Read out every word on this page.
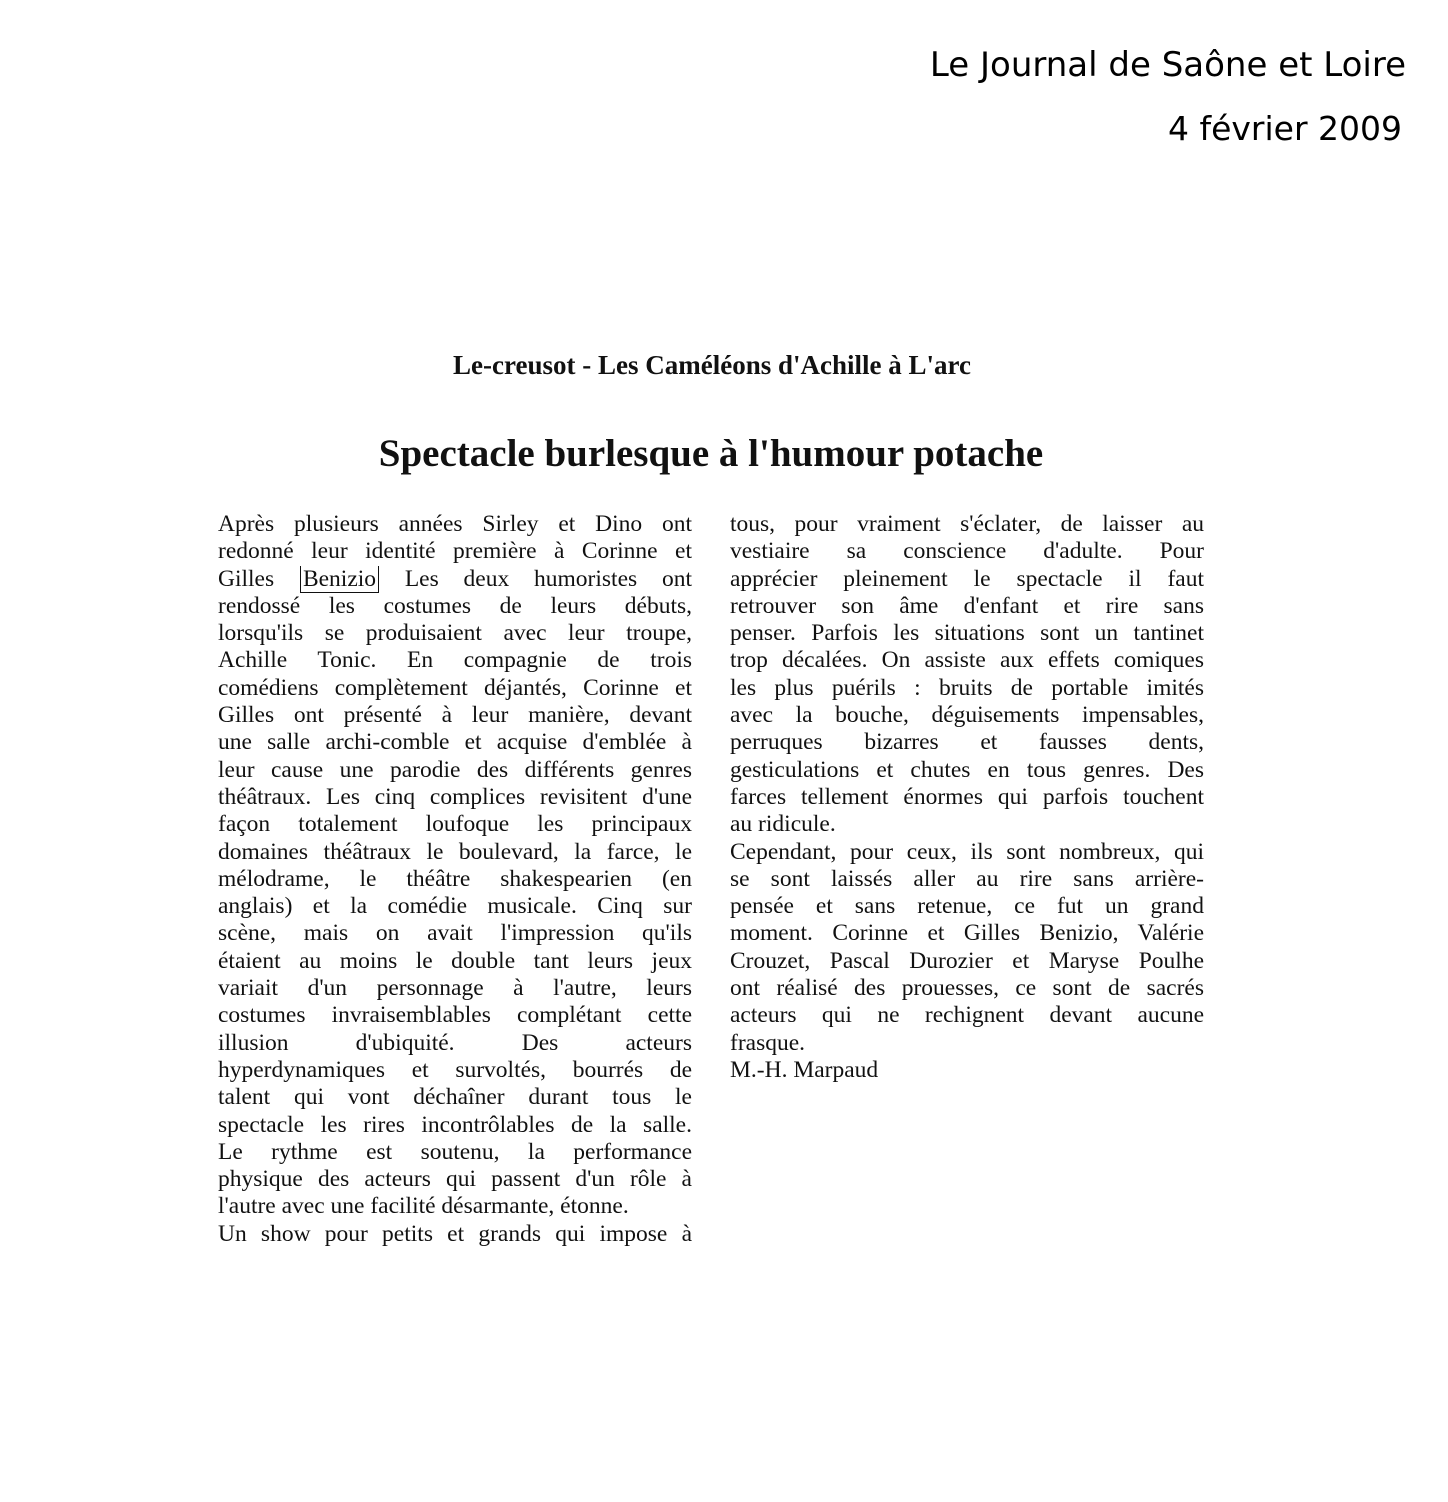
Le Journal de Saône et Loire
4 février 2009
Le-creusot - Les Caméléons d'Achille à L'arc
Spectacle burlesque à l'humour potache
Après plusieurs années Sirley et Dino ont
redonné leur identité première à Corinne et
Gilles Benizio Les deux humoristes ont
rendossé les costumes de leurs débuts,
lorsqu'ils se produisaient avec leur troupe,
Achille Tonic. En compagnie de trois
comédiens complètement déjantés, Corinne et
Gilles ont présenté à leur manière, devant
une salle archi-comble et acquise d'emblée à
leur cause une parodie des différents genres
théâtraux. Les cinq complices revisitent d'une
façon totalement loufoque les principaux
domaines théâtraux le boulevard, la farce, le
mélodrame, le théâtre shakespearien (en
anglais) et la comédie musicale. Cinq sur
scène, mais on avait l'impression qu'ils
étaient au moins le double tant leurs jeux
variait d'un personnage à l'autre, leurs
costumes invraisemblables complétant cette
illusion d'ubiquité. Des acteurs
hyperdynamiques et survoltés, bourrés de
talent qui vont déchaîner durant tous le
spectacle les rires incontrôlables de la salle.
Le rythme est soutenu, la performance
physique des acteurs qui passent d'un rôle à
l'autre avec une facilité désarmante, étonne.
Un show pour petits et grands qui impose à
tous, pour vraiment s'éclater, de laisser au
vestiaire sa conscience d'adulte. Pour
apprécier pleinement le spectacle il faut
retrouver son âme d'enfant et rire sans
penser. Parfois les situations sont un tantinet
trop décalées. On assiste aux effets comiques
les plus puérils : bruits de portable imités
avec la bouche, déguisements impensables,
perruques bizarres et fausses dents,
gesticulations et chutes en tous genres. Des
farces tellement énormes qui parfois touchent
au ridicule.
Cependant, pour ceux, ils sont nombreux, qui
se sont laissés aller au rire sans arrière-
pensée et sans retenue, ce fut un grand
moment. Corinne et Gilles Benizio, Valérie
Crouzet, Pascal Durozier et Maryse Poulhe
ont réalisé des prouesses, ce sont de sacrés
acteurs qui ne rechignent devant aucune
frasque.
M.-H. Marpaud
